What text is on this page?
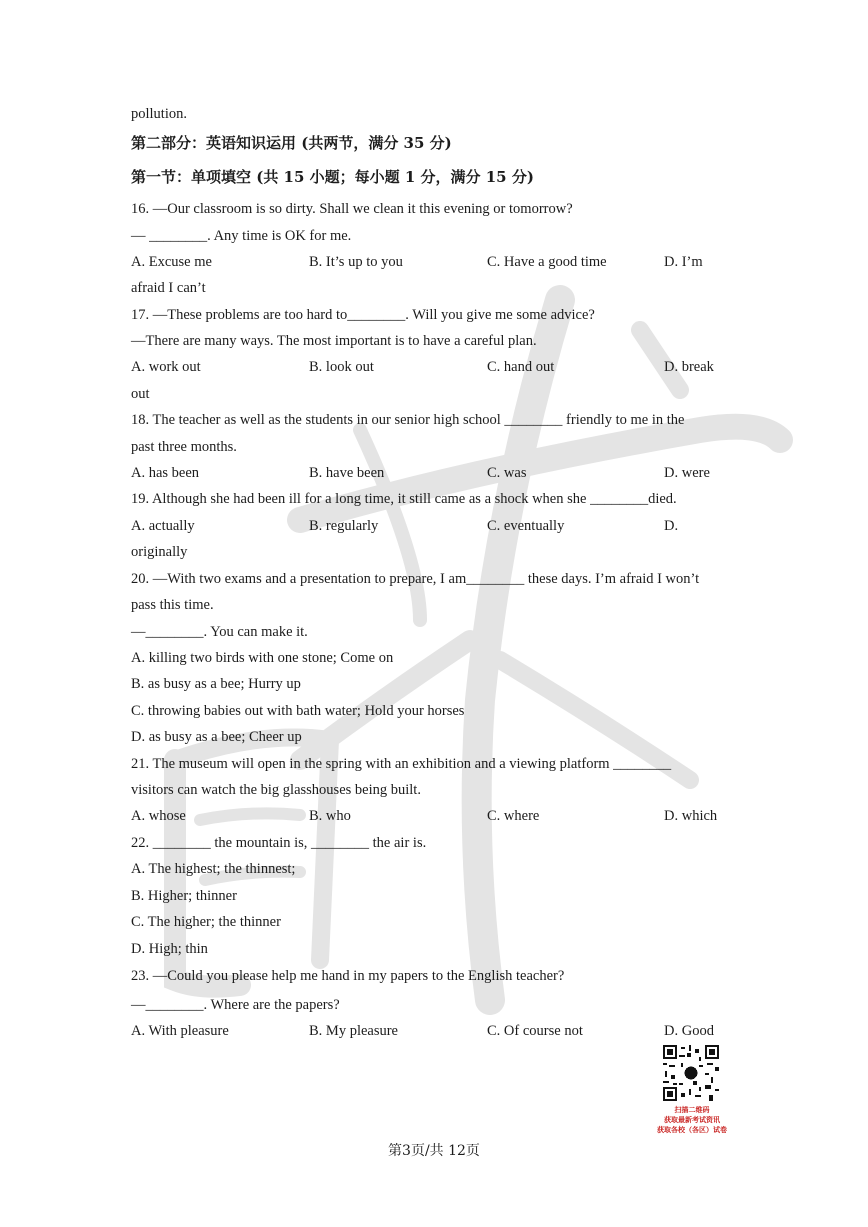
pollution.
第二部分：英语知识运用 (共两节，满分 35 分)
第一节：单项填空 (共 15 小题；每小题 1 分，满分 15 分)
16. —Our classroom is so dirty. Shall we clean it this evening or tomorrow?
— ________. Any time is OK for me.
A. Excuse me	B. It’s up to you	C. Have a good time	D. I’m
afraid I can’t
17. —These problems are too hard to________. Will you give me some advice?
—There are many ways. The most important is to have a careful plan.
A. work out	B. look out	C. hand out	D. break
out
18. The teacher as well as the students in our senior high school ________ friendly to me in the
past three months.
A. has been	B. have been	C. was	D. were
19. Although she had been ill for a long time, it still came as a shock when she ________died.
A. actually	B. regularly	C. eventually	D.
originally
20. —With two exams and a presentation to prepare, I am________ these days. I’m afraid I won’t
pass this time.
—________. You can make it.
A. killing two birds with one stone; Come on
B. as busy as a bee; Hurry up
C. throwing babies out with bath water; Hold your horses
D. as busy as a bee; Cheer up
21. The museum will open in the spring with an exhibition and a viewing platform ________
visitors can watch the big glasshouses being built.
A. whose	B. who	C. where	D. which
22. ________ the mountain is, ________ the air is.
A. The highest; the thinnest;
B. Higher; thinner
C. The higher; the thinner
D. High; thin
23. —Could you please help me hand in my papers to the English teacher?
—________. Where are the papers?
A. With pleasure	B. My pleasure	C. Of course not	D. Good
扫描二维码
获取最新考试资讯
获取各校（各区）试卷
第3页/共 12页
